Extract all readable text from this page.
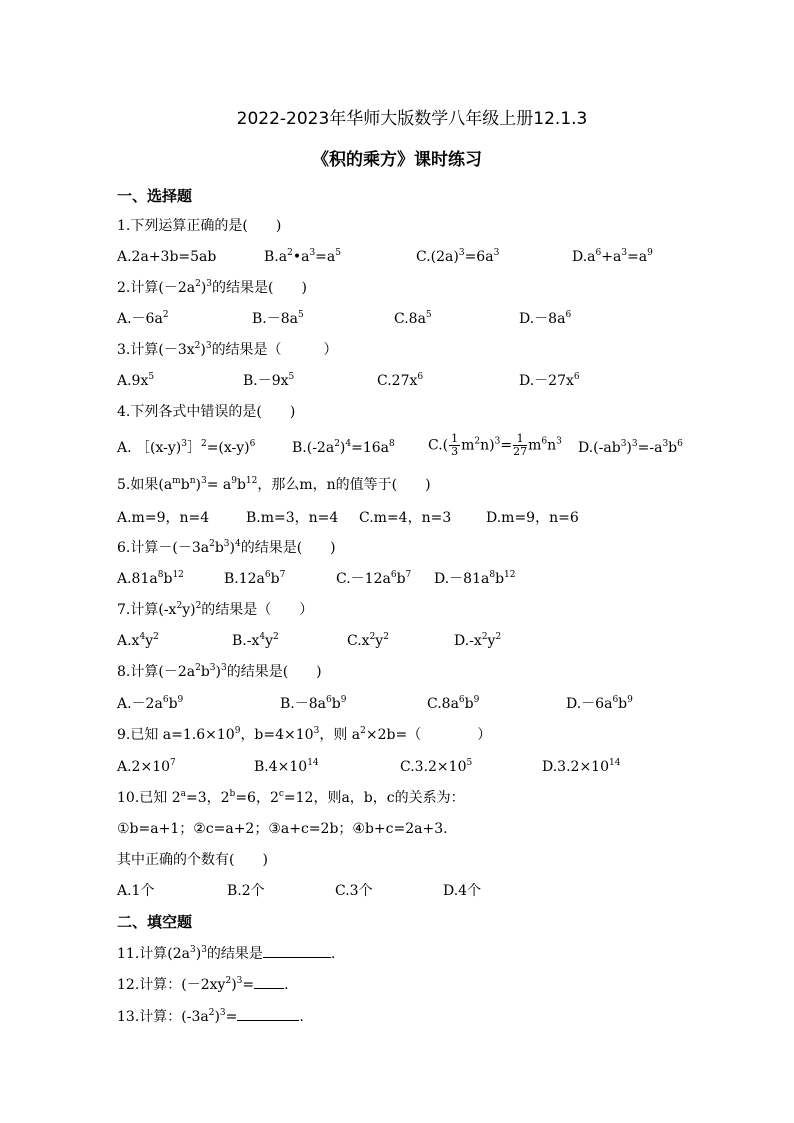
2022-2023年华师大版数学八年级上册12.1.3
《积的乘方》课时练习
一、选择题
1.下列运算正确的是(　　)
A.2a+3b=5ab	$B.a^2•a^3=a^5$	$C.(2a)^3=6a^3$	$D.a^6+a^3=a^9$
2.计算$(-2a^2)^3$的结果是(　　)
$A.-6a^2$	$B.-8a^5$	$C.8a^5$	$D.-8a^6$
3.计算$(-3x^2)^3$的结果是（　　　）
$A.9x^5$	$B.-9x^5$	$C.27x^6$	$D.-27x^6$
4.下列各式中错误的是(　　)
A. $[(x-y)^3]^2=(x-y)^6$	$B.(-2a^2)^4=16a^8$ $C.( \frac{1}{3} m^2n)^3= \frac{1}{27} m^6n^3$ $D.(-ab^3)^3=-a^3b^6$
5.如果$(a^mb^n)^3= a^9b^{12}$，那么m，n的值等于(　　)
A.m=9，n=4	B.m=3，n=4 C.m=4，n=3 D.m=9，n=6
6.计算$-(-3a^2b^3)^4$的结果是(　　)
$A.81a^8b^{12}$	$B.12a^6b^7$	$C.-12a^6b^7$ $D.-81a^8b^{12}$
7.计算$(-x^2y)^2$的结果是（　　）
$A.x^4y^2$	$B.-x^4y^2$	$C.x^2y^2$	$D.-x^2y^2$
8.计算$(-2a^2b^3)^3$的结果是(　　)
$A.-2a^6b^9$	$B.-8a^6b^9$	$C.8a^6b^9$	$D.-6a^6b^9$
9.已知 $a=1.6\times 10^9$，$b=4\times 10^3$，则 $a^2\times 2b=$（　　　　）
$A.2\times 10^7$	$B.4\times 10^{14}$	$C.3.2\times 10^5$	$D.3.2\times 10^{14}$
10.已知 $2^a=3$，$2^b=6$，$2^c=12$，则a，b，c的关系为：
①b=a+1；②c=a+2；③a+c=2b；④b+c=2a+3.
其中正确的个数有(　　)
A.1个	B.2个	C.3个	D.4个
二、填空题
11.计算$(2a^3)^3$的结果是	.
12.计算：$(-2xy^2)^3=$ .
13.计算：$(-3a^2)^3=$	.
